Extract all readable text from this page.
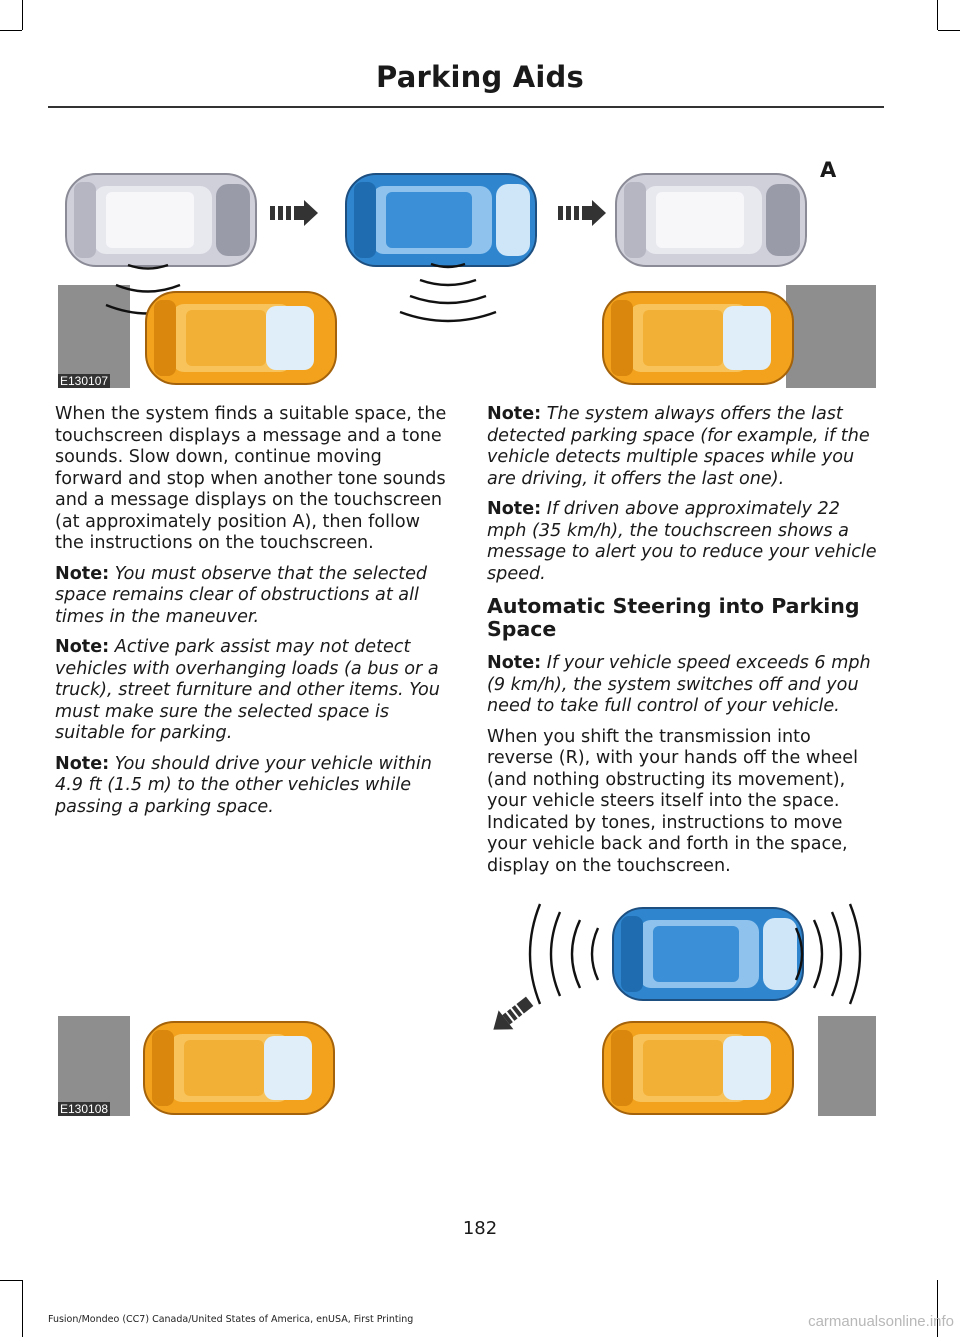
Parking Aids
A
E130107

When the system finds a suitable space, the touchscreen displays a message and a tone sounds. Slow down, continue moving forward and stop when another tone sounds and a message displays on the touchscreen (at approximately position A), then follow the instructions on the touchscreen.

Note: You must observe that the selected space remains clear of obstructions at all times in the maneuver.

Note: Active park assist may not detect vehicles with overhanging loads (a bus or a truck), street furniture and other items. You must make sure the selected space is suitable for parking.

Note: You should drive your vehicle within 4.9 ft (1.5 m) to the other vehicles while passing a parking space.

Note: The system always offers the last detected parking space (for example, if the vehicle detects multiple spaces while you are driving, it offers the last one).

Note: If driven above approximately 22 mph (35 km/h), the touchscreen shows a message to alert you to reduce your vehicle speed.

Automatic Steering into Parking Space

Note: If your vehicle speed exceeds 6 mph (9 km/h), the system switches off and you need to take full control of your vehicle.

When you shift the transmission into reverse (R), with your hands off the wheel (and nothing obstructing its movement), your vehicle steers itself into the space. Indicated by tones, instructions to move your vehicle back and forth in the space, display on the touchscreen.

E130108
182
Fusion/Mondeo (CC7) Canada/United States of America, enUSA, First Printing	carmanualsonline.info
